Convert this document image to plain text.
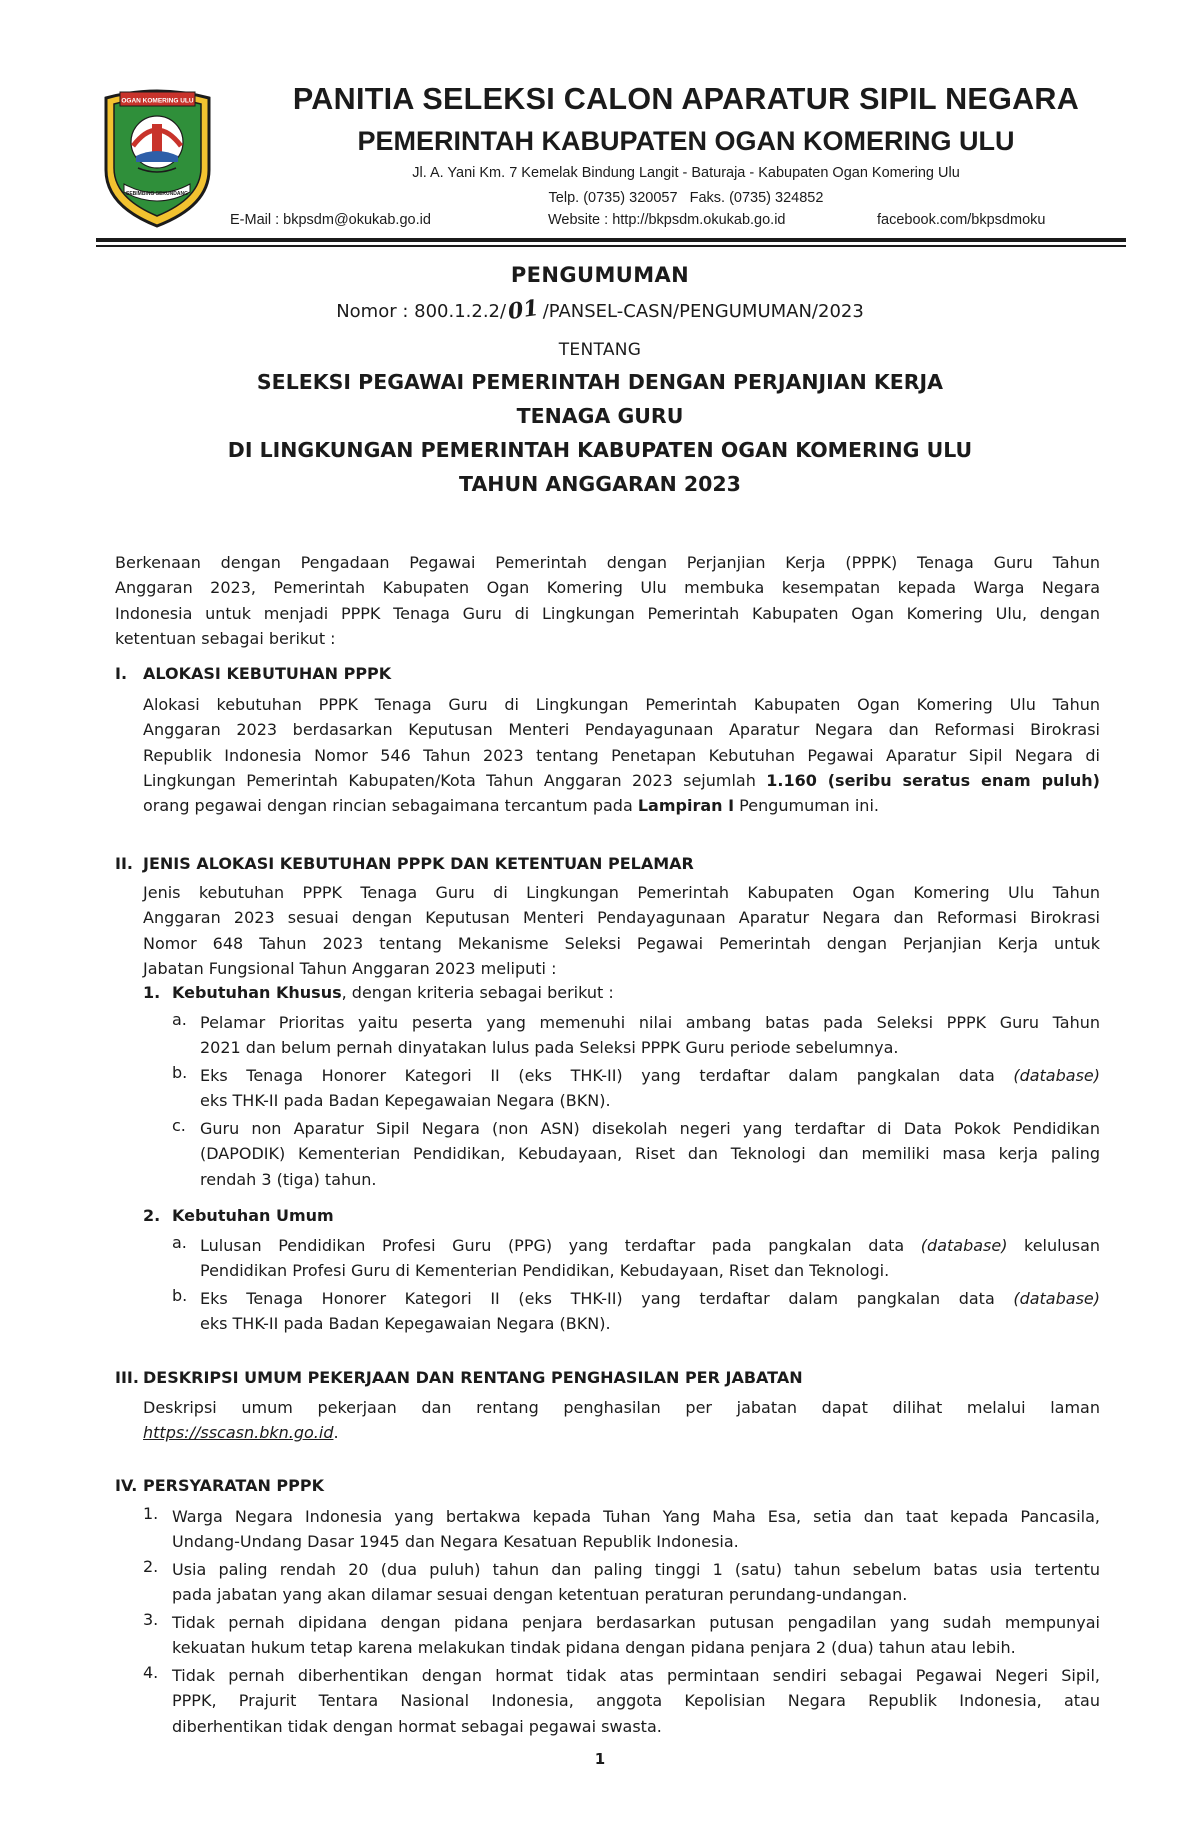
OGAN KOMERING ULU
SEBIMBING SEKUNDANG
PANITIA SELEKSI CALON APARATUR SIPIL NEGARA
PEMERINTAH KABUPATEN OGAN KOMERING ULU
Jl. A. Yani Km. 7 Kemelak Bindung Langit - Baturaja - Kabupaten Ogan Komering Ulu
Telp. (0735) 320057   Faks. (0735) 324852
E-Mail : bkpsdm@okukab.go.id	Website : http://bkpsdm.okukab.go.id	facebook.com/bkpsdmoku
PENGUMUMAN
Nomor : 800.1.2.2/01 /PANSEL-CASN/PENGUMUMAN/2023
TENTANG
SELEKSI PEGAWAI PEMERINTAH DENGAN PERJANJIAN KERJA
TENAGA GURU
DI LINGKUNGAN PEMERINTAH KABUPATEN OGAN KOMERING ULU
TAHUN ANGGARAN 2023
Berkenaan dengan Pengadaan Pegawai Pemerintah dengan Perjanjian Kerja (PPPK) Tenaga Guru Tahun
Anggaran 2023, Pemerintah Kabupaten Ogan Komering Ulu membuka kesempatan kepada Warga Negara
Indonesia untuk menjadi PPPK Tenaga Guru di Lingkungan Pemerintah Kabupaten Ogan Komering Ulu, dengan
ketentuan sebagai berikut :
I. ALOKASI KEBUTUHAN PPPK
Alokasi kebutuhan PPPK Tenaga Guru di Lingkungan Pemerintah Kabupaten Ogan Komering Ulu Tahun
Anggaran 2023 berdasarkan Keputusan Menteri Pendayagunaan Aparatur Negara dan Reformasi Birokrasi
Republik Indonesia Nomor 546 Tahun 2023 tentang Penetapan Kebutuhan Pegawai Aparatur Sipil Negara di
Lingkungan Pemerintah Kabupaten/Kota Tahun Anggaran 2023 sejumlah 1.160 (seribu seratus enam puluh)
orang pegawai dengan rincian sebagaimana tercantum pada Lampiran I Pengumuman ini.
II. JENIS ALOKASI KEBUTUHAN PPPK DAN KETENTUAN PELAMAR
Jenis kebutuhan PPPK Tenaga Guru di Lingkungan Pemerintah Kabupaten Ogan Komering Ulu Tahun
Anggaran 2023 sesuai dengan Keputusan Menteri Pendayagunaan Aparatur Negara dan Reformasi Birokrasi
Nomor 648 Tahun 2023 tentang Mekanisme Seleksi Pegawai Pemerintah dengan Perjanjian Kerja untuk
Jabatan Fungsional Tahun Anggaran 2023 meliputi :
1. Kebutuhan Khusus, dengan kriteria sebagai berikut :
a. Pelamar Prioritas yaitu peserta yang memenuhi nilai ambang batas pada Seleksi PPPK Guru Tahun
2021 dan belum pernah dinyatakan lulus pada Seleksi PPPK Guru periode sebelumnya.
b. Eks Tenaga Honorer Kategori II (eks THK-II) yang terdaftar dalam pangkalan data (database)
eks THK-II pada Badan Kepegawaian Negara (BKN).
c. Guru non Aparatur Sipil Negara (non ASN) disekolah negeri yang terdaftar di Data Pokok Pendidikan
(DAPODIK) Kementerian Pendidikan, Kebudayaan, Riset dan Teknologi dan memiliki masa kerja paling
rendah 3 (tiga) tahun.
2. Kebutuhan Umum
a. Lulusan Pendidikan Profesi Guru (PPG) yang terdaftar pada pangkalan data (database) kelulusan
Pendidikan Profesi Guru di Kementerian Pendidikan, Kebudayaan, Riset dan Teknologi.
b. Eks Tenaga Honorer Kategori II (eks THK-II) yang terdaftar dalam pangkalan data (database)
eks THK-II pada Badan Kepegawaian Negara (BKN).
III. DESKRIPSI UMUM PEKERJAAN DAN RENTANG PENGHASILAN PER JABATAN
Deskripsi umum pekerjaan dan rentang penghasilan per jabatan dapat dilihat melalui laman
https://sscasn.bkn.go.id.
IV. PERSYARATAN PPPK
1. Warga Negara Indonesia yang bertakwa kepada Tuhan Yang Maha Esa, setia dan taat kepada Pancasila,
Undang-Undang Dasar 1945 dan Negara Kesatuan Republik Indonesia.
2. Usia paling rendah 20 (dua puluh) tahun dan paling tinggi 1 (satu) tahun sebelum batas usia tertentu
pada jabatan yang akan dilamar sesuai dengan ketentuan peraturan perundang-undangan.
3. Tidak pernah dipidana dengan pidana penjara berdasarkan putusan pengadilan yang sudah mempunyai
kekuatan hukum tetap karena melakukan tindak pidana dengan pidana penjara 2 (dua) tahun atau lebih.
4. Tidak pernah diberhentikan dengan hormat tidak atas permintaan sendiri sebagai Pegawai Negeri Sipil,
PPPK, Prajurit Tentara Nasional Indonesia, anggota Kepolisian Negara Republik Indonesia, atau
diberhentikan tidak dengan hormat sebagai pegawai swasta.
1
